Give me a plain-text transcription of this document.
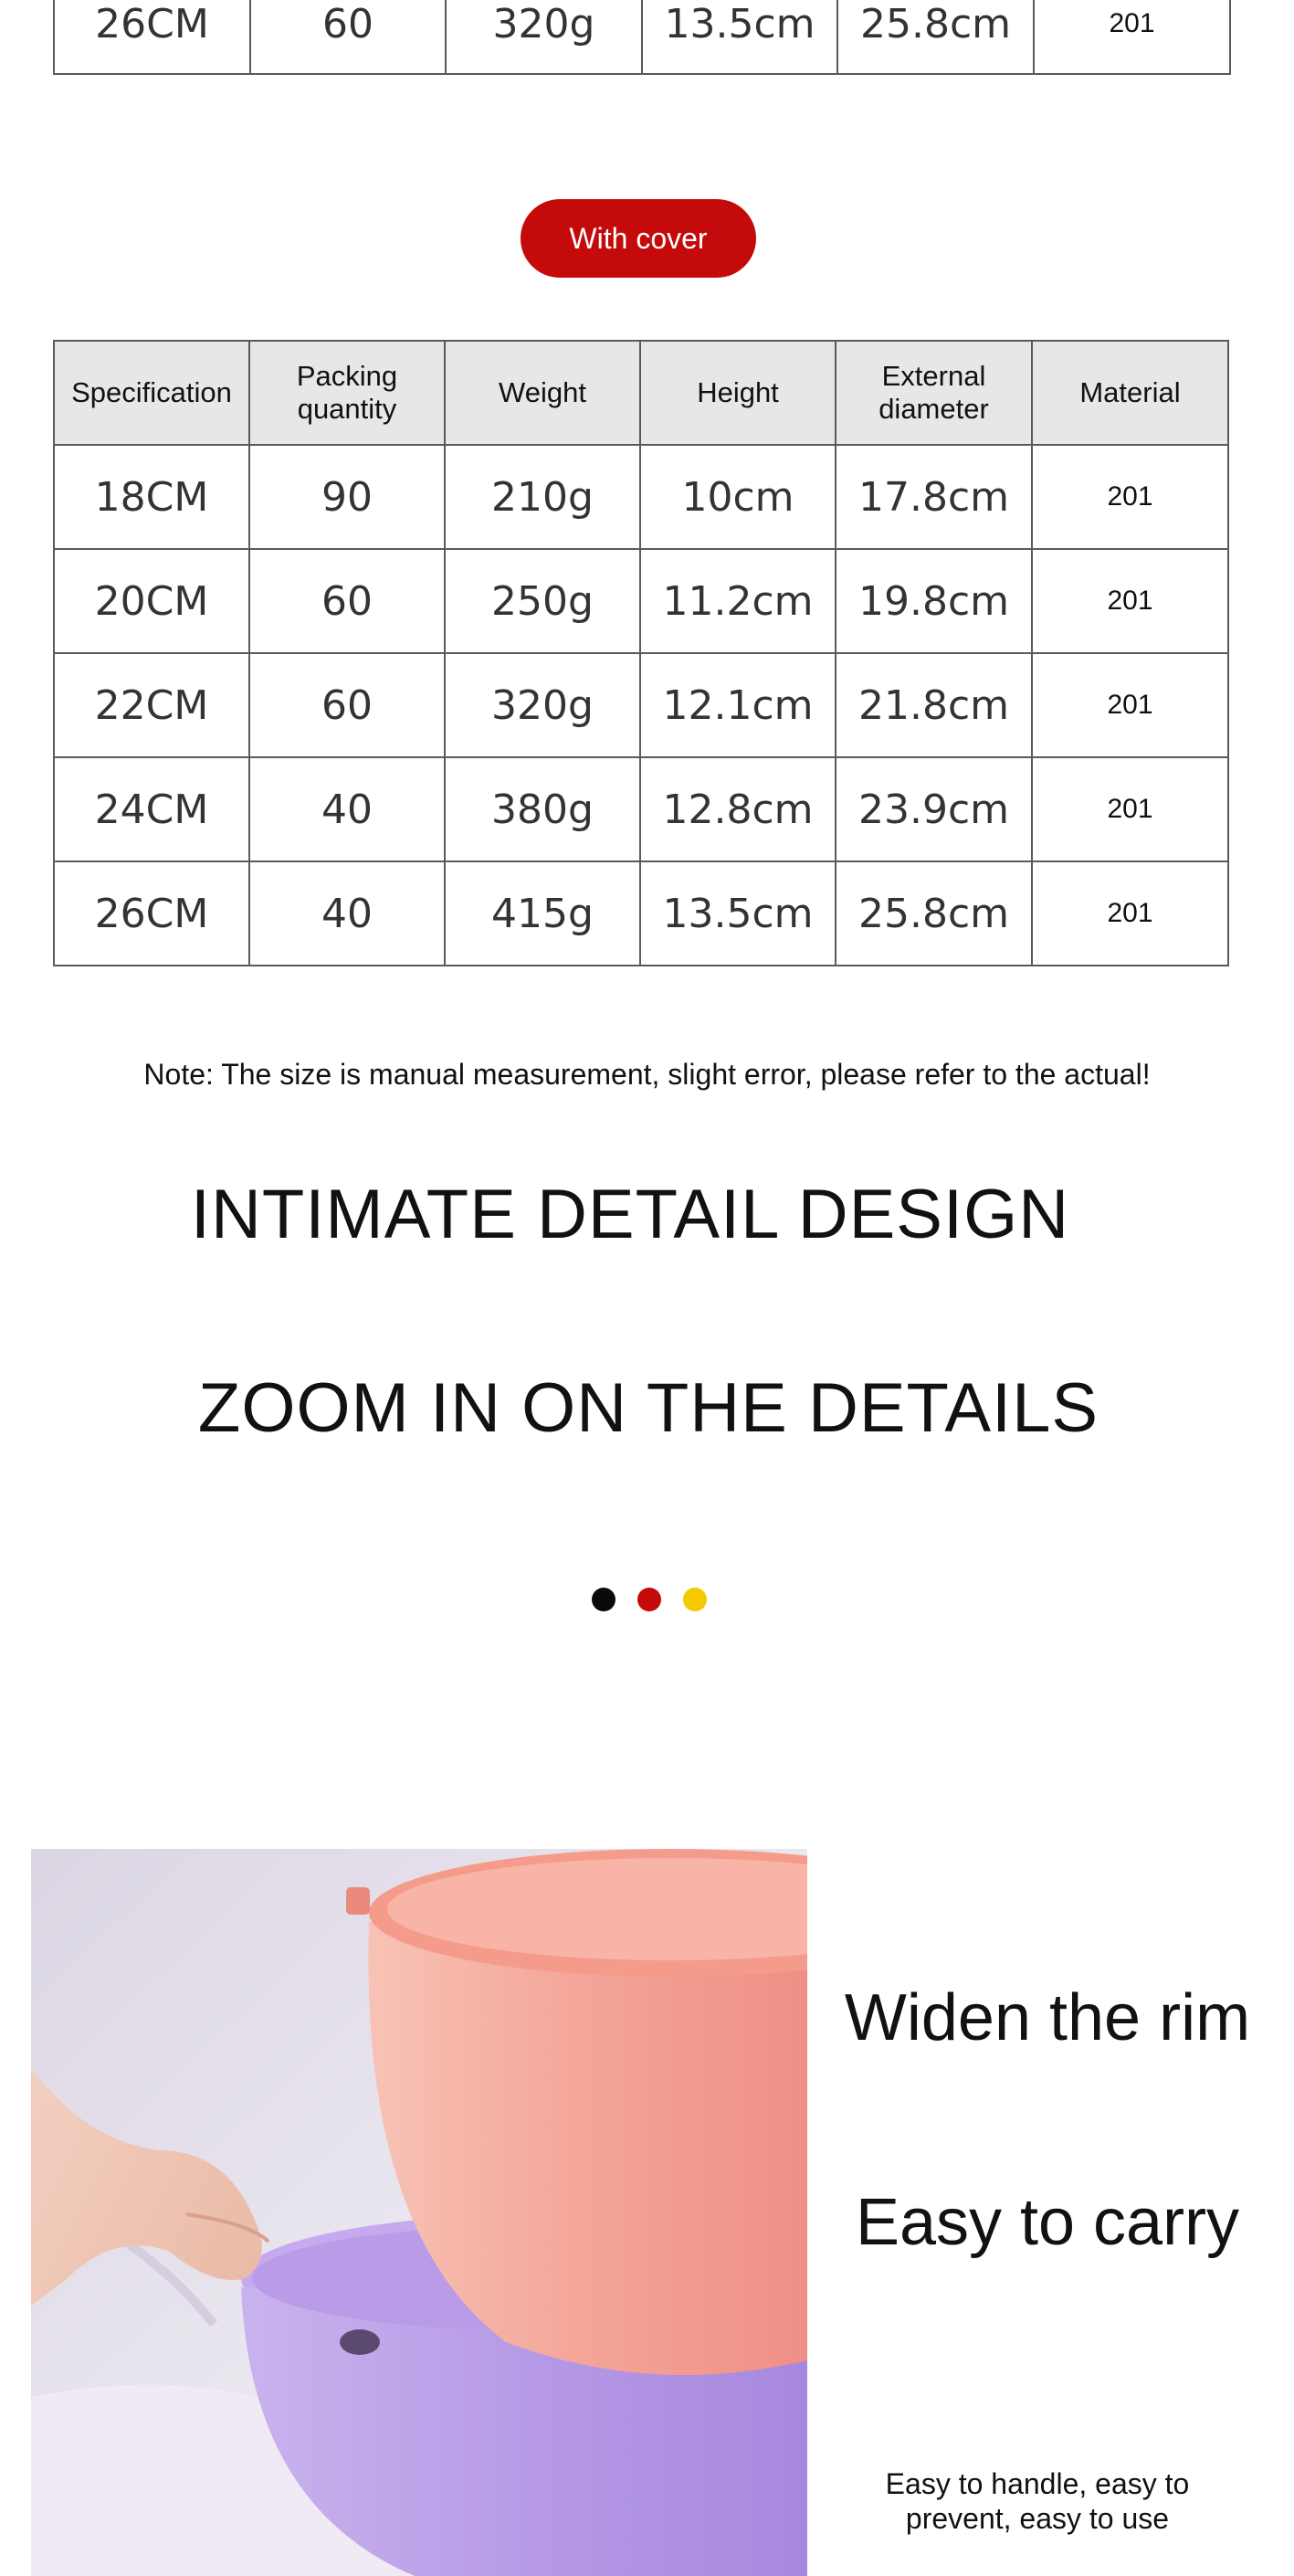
26CM	60	320g	13.5cm	25.8cm	201
With cover
Specification	Packing quantity	Weight	Height	External diameter	Material
18CM	90	210g	10cm	17.8cm	201
20CM	60	250g	11.2cm	19.8cm	201
22CM	60	320g	12.1cm	21.8cm	201
24CM	40	380g	12.8cm	23.9cm	201
26CM	40	415g	13.5cm	25.8cm	201
Note: The size is manual measurement, slight error, please refer to the actual!
INTIMATE DETAIL DESIGN
ZOOM IN ON THE DETAILS
Widen the rim
Easy to carry
Easy to handle, easy to prevent, easy to use
